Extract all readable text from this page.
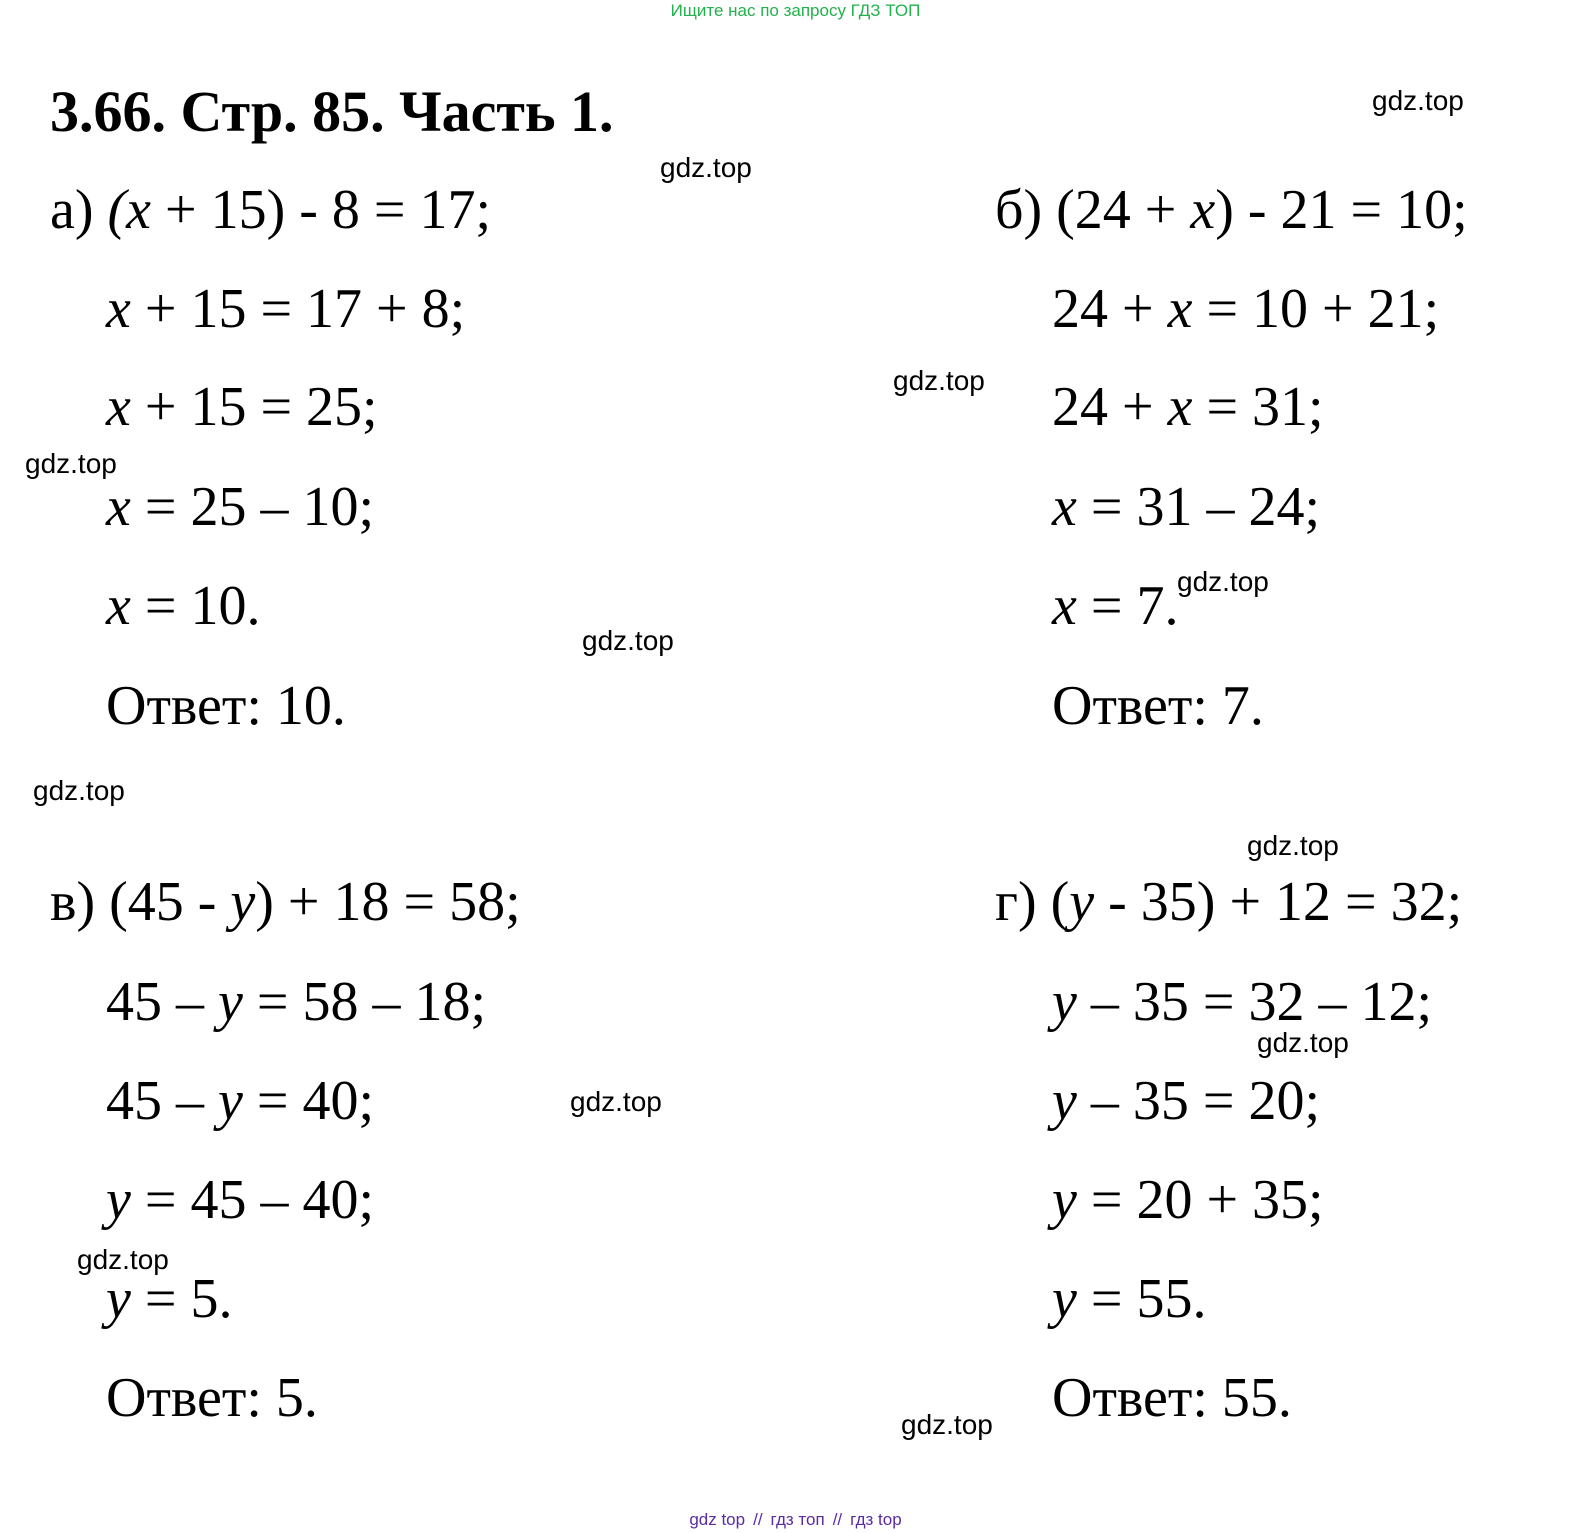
Ищите нас по запросу ГДЗ ТОП
3.66. Стр. 85. Часть 1.
а) (x + 15) - 8 = 17;
x + 15 = 17 + 8;
x + 15 = 25;
x = 25 – 10;
x = 10.
Ответ: 10.
б) (24 + x) - 21 = 10;
24 + x = 10 + 21;
24 + x = 31;
x = 31 – 24;
x = 7.
Ответ: 7.
в) (45 - y) + 18 = 58;
45 – y = 58 – 18;
45 – y = 40;
y = 45 – 40;
y = 5.
Ответ: 5.
г) (y - 35) + 12 = 32;
y – 35 = 32 – 12;
y – 35 = 20;
y = 20 + 35;
y = 55.
Ответ: 55.
gdz.top
gdz.top
gdz.top
gdz.top
gdz.top
gdz.top
gdz.top
gdz.top
gdz.top
gdz.top
gdz.top
gdz.top
gdz top // гдз топ // гдз top
